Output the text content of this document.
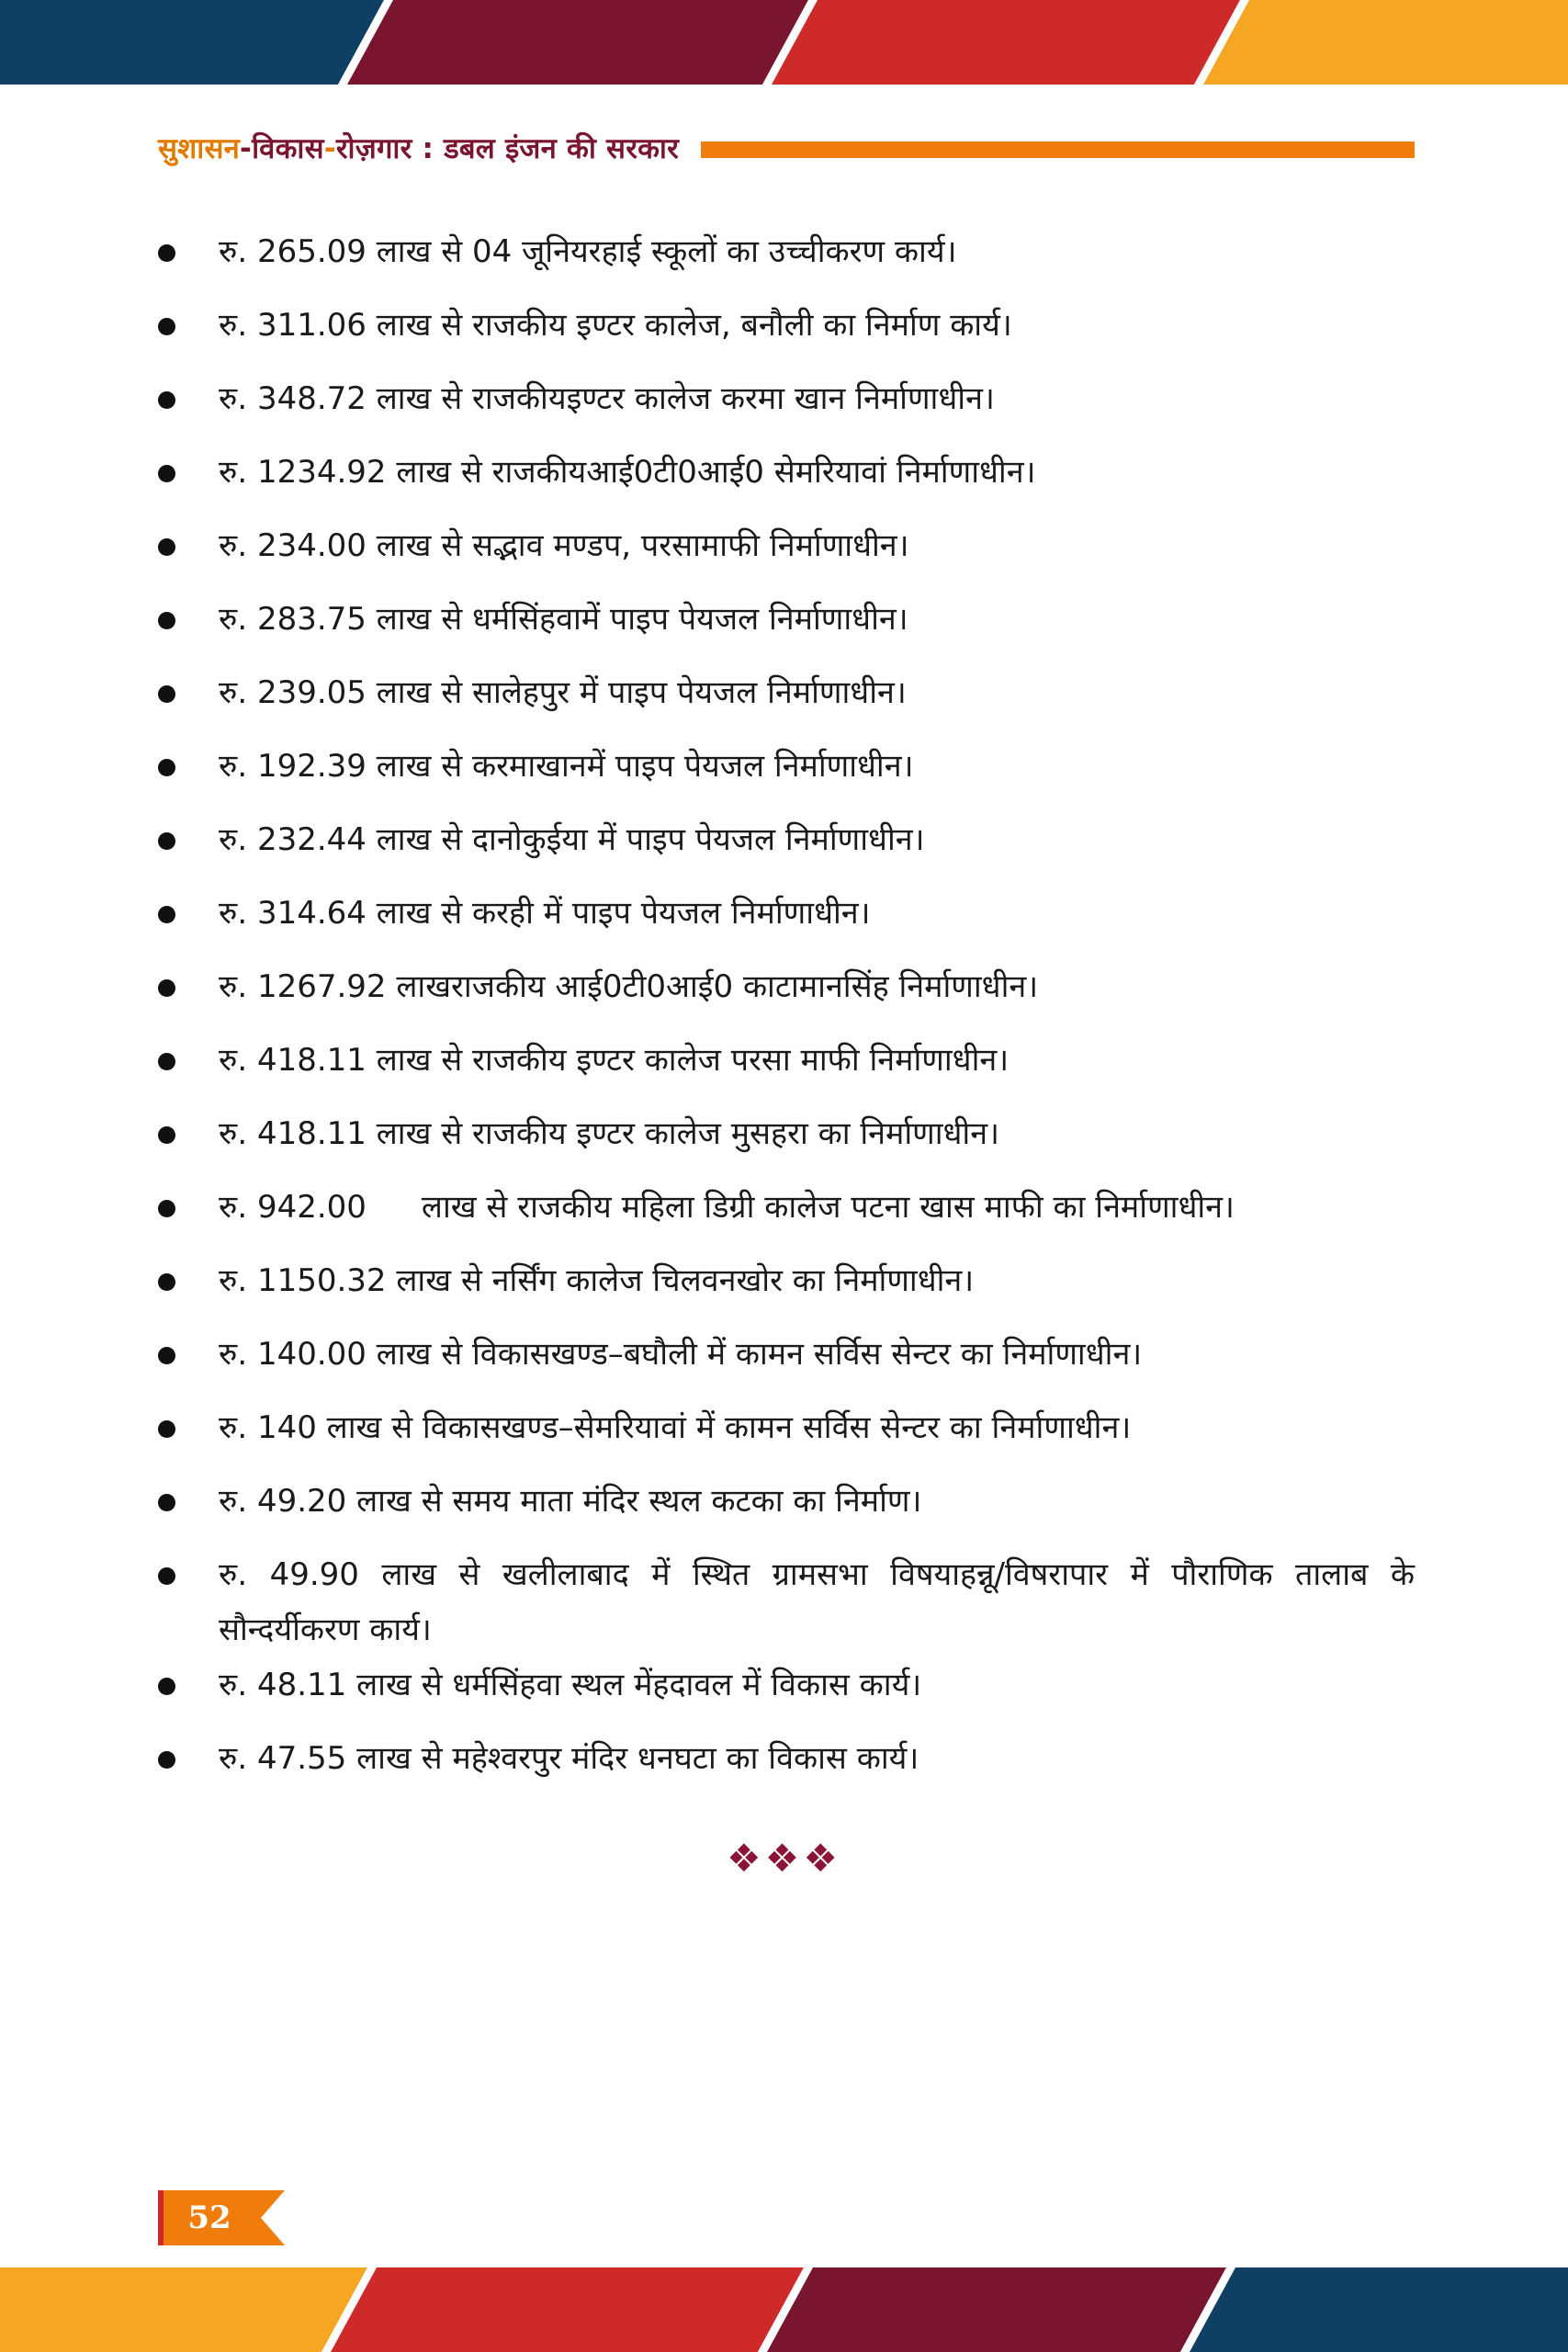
सुशासन-विकास-रोज़गार : डबल इंजन की सरकार
रु. 265.09 लाख से 04 जूनियरहाई स्कूलों का उच्चीकरण कार्य।
रु. 311.06 लाख से राजकीय इण्टर कालेज, बनौली का निर्माण कार्य।
रु. 348.72 लाख से राजकीयइण्टर कालेज करमा खान निर्माणाधीन।
रु. 1234.92 लाख से राजकीयआई0टी0आई0 सेमरियावां निर्माणाधीन।
रु. 234.00 लाख से सद्भाव मण्डप, परसामाफी निर्माणाधीन।
रु. 283.75 लाख से धर्मसिंहवामें पाइप पेयजल निर्माणाधीन।
रु. 239.05 लाख से सालेहपुर में पाइप पेयजल निर्माणाधीन।
रु. 192.39 लाख से करमाखानमें पाइप पेयजल निर्माणाधीन।
रु. 232.44 लाख से दानोकुईया में पाइप पेयजल निर्माणाधीन।
रु. 314.64 लाख से करही में पाइप पेयजल निर्माणाधीन।
रु. 1267.92 लाखराजकीय आई0टी0आई0 काटामानसिंह निर्माणाधीन।
रु. 418.11 लाख से राजकीय इण्टर कालेज परसा माफी निर्माणाधीन।
रु. 418.11 लाख से राजकीय इण्टर कालेज मुसहरा का निर्माणाधीन।
रु. 942.00 लाख से राजकीय महिला डिग्री कालेज पटना खास माफी का निर्माणाधीन।
रु. 1150.32 लाख से नर्सिंग कालेज चिलवनखोर का निर्माणाधीन।
रु. 140.00 लाख से विकासखण्ड–बघौली में कामन सर्विस सेन्टर का निर्माणाधीन।
रु. 140 लाख से विकासखण्ड–सेमरियावां में कामन सर्विस सेन्टर का निर्माणाधीन।
रु. 49.20 लाख से समय माता मंदिर स्थल कटका का निर्माण।
रु. 49.90 लाख से खलीलाबाद में स्थित ग्रामसभा विषयाहन्नू/विषरापार में पौराणिक तालाब के सौन्दर्यीकरण कार्य।
रु. 48.11 लाख से धर्मसिंहवा स्थल मेंहदावल में विकास कार्य।
रु. 47.55 लाख से महेश्वरपुर मंदिर धनघटा का विकास कार्य।
❖❖❖
52
